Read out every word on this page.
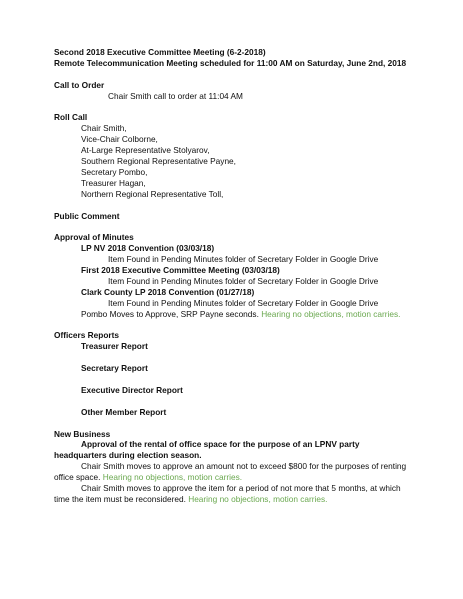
Second 2018 Executive Committee Meeting (6-2-2018)
Remote Telecommunication Meeting scheduled for 11:00 AM on Saturday, June 2nd, 2018
Call to Order
Chair Smith call to order at 11:04 AM
Roll Call
Chair Smith,
Vice-Chair Colborne,
At-Large Representative Stolyarov,
Southern Regional Representative Payne,
Secretary Pombo,
Treasurer Hagan,
Northern Regional Representative Toll,
Public Comment
Approval of Minutes
LP NV 2018 Convention (03/03/18)
Item Found in Pending Minutes folder of Secretary Folder in Google Drive
First 2018 Executive Committee Meeting (03/03/18)
Item Found in Pending Minutes folder of Secretary Folder in Google Drive
Clark County LP 2018 Convention (01/27/18)
Item Found in Pending Minutes folder of Secretary Folder in Google Drive
Pombo Moves to Approve, SRP Payne seconds. Hearing no objections, motion carries.
Officers Reports
Treasurer Report
Secretary Report
Executive Director Report
Other Member Report
New Business
Approval of the rental of office space for the purpose of an LPNV party headquarters during election season.
Chair Smith moves to approve an amount not to exceed $800 for the purposes of renting office space. Hearing no objections, motion carries.
Chair Smith moves to approve the item for a period of not more that 5 months, at which time the item must be reconsidered. Hearing no objections, motion carries.
